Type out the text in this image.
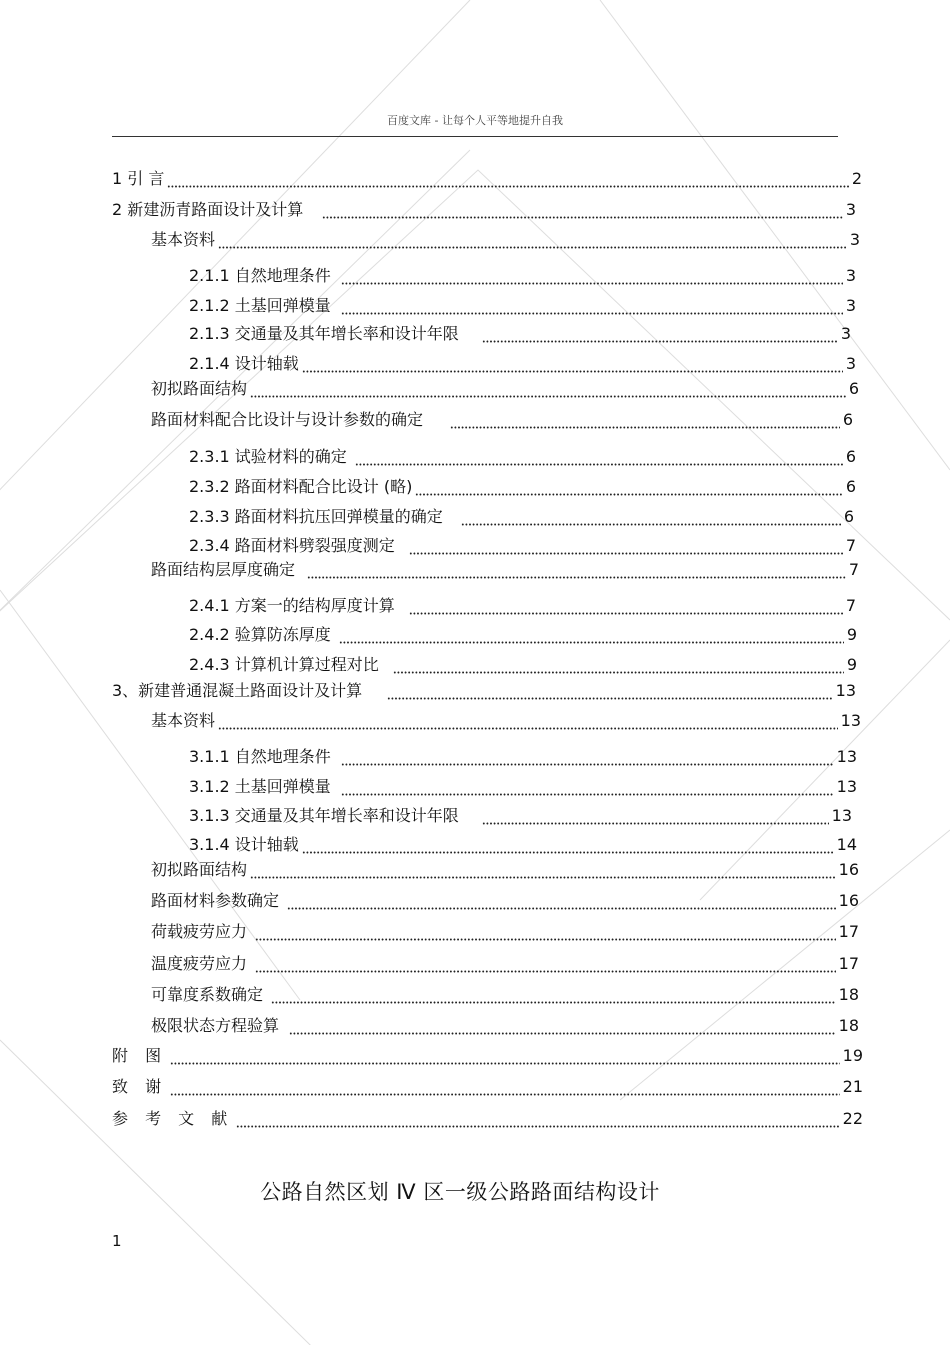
百度文库 - 让每个人平等地提升自我
1 引 言	2
2 新建沥青路面设计及计算	3
基本资料	3
2.1.1 自然地理条件	3
2.1.2 土基回弹模量	3
2.1.3 交通量及其年增长率和设计年限	3
2.1.4 设计轴载	3
初拟路面结构	6
路面材料配合比设计与设计参数的确定	6
2.3.1 试验材料的确定	6
2.3.2 路面材料配合比设计 (略)	6
2.3.3 路面材料抗压回弹模量的确定	6
2.3.4 路面材料劈裂强度测定	7
路面结构层厚度确定	7
2.4.1 方案一的结构厚度计算	7
2.4.2 验算防冻厚度	9
2.4.3 计算机计算过程对比	9
3、新建普通混凝土路面设计及计算	13
基本资料	13
3.1.1 自然地理条件	13
3.1.2 土基回弹模量	13
3.1.3 交通量及其年增长率和设计年限	13
3.1.4 设计轴载	14
初拟路面结构	16
路面材料参数确定	16
荷载疲劳应力	17
温度疲劳应力	17
可靠度系数确定	18
极限状态方程验算	18
附 图	19
致 谢	21
参 考 文 献	22
公路自然区划 Ⅳ 区一级公路路面结构设计
1
